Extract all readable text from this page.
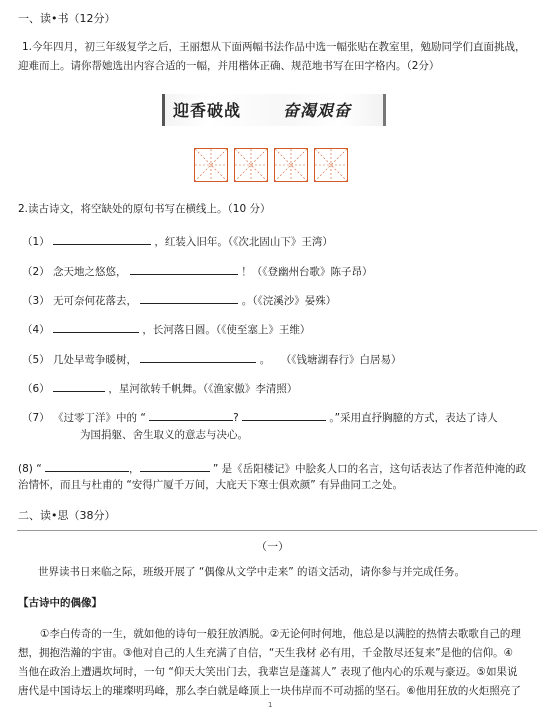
一、读•书（12分）
1.今年四月，初三年级复学之后，王丽想从下面两幅书法作品中选一幅张贴在教室里，勉励同学们直面挑战，
迎难而上。请你帮她选出内容合适的一幅，并用楷体正确、规范地书写在田字格内。（2分）
迎香破战	奋渴艰奋
2.读古诗文，将空缺处的原句书写在横线上。（10 分）
（1）	，红装入旧年。（《次北固山下》王湾）
（2） 念天地之悠悠，	！（《登幽州台歌》陈子昂）
（3） 无可奈何花落去，	。（《浣溪沙》晏殊）
（4）	，长河落日圆。（《使至塞上》王维）
（5） 几处早莺争暖树，	。　　（《钱塘湖春行》白居易）
（6）	，星河欲转千帆舞。（《渔家傲》李清照）
（7） 《过零丁洋》中的 “	?	。”采用直抒胸臆的方式，表达了诗人
为国捐躯、舍生取义的意志与决心。
(8) “	，	” 是《岳阳楼记》中脍炙人口的名言，这句话表达了作者范仲淹的政
治情怀，而且与杜甫的 “安得广厦千万间，大庇天下寒士俱欢颜” 有异曲同工之处。
二、读•思（38分）
（一）
世界读书日来临之际，班级开展了 “偶像从文学中走来” 的语文活动，请你参与并完成任务。
【古诗中的偶像】
①李白传奇的一生，就如他的诗句一般狂放洒脱。②无论何时何地，他总是以满腔的热情去歌歌自己的理
想，拥抱浩瀚的宇宙。③他对自己的人生充满了自信，“天生我材 必有用，千金散尽还复来”是他的信仰。④
当他在政治上遭遇坎坷时，一句 “仰天大笑出门去，我辈岂是蓬蒿人” 表现了他内心的乐观与豪迈。⑤如果说
唐代是中国诗坛上的璀璨明玛峰，那么李白就是峰顶上一块伟岸而不可动摇的坚石。⑥他用狂放的火炬照亮了
1
